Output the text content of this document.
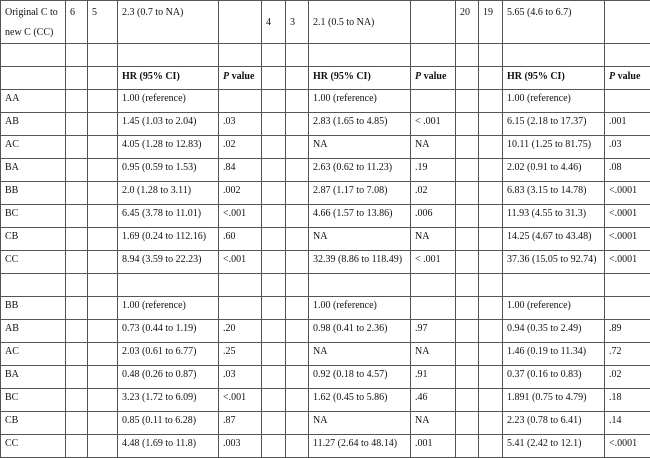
Original C to new C (CC)	6	5	2.3 (0.7 to NA)		4	3	2.1 (0.5 to NA)		20	19	5.65 (4.6 to 6.7)	

			HR (95% CI)	P value			HR (95% CI)	P value			HR (95% CI)	P value
AA			1.00 (reference)				1.00 (reference)				1.00 (reference)	
AB			1.45 (1.03 to 2.04)	.03			2.83 (1.65 to 4.85)	< .001			6.15 (2.18 to 17.37)	.001
AC			4.05 (1.28 to 12.83)	.02			NA	NA			10.11 (1.25 to 81.75)	.03
BA			0.95 (0.59 to 1.53)	.84			2.63 (0.62 to 11.23)	.19			2.02 (0.91 to 4.46)	.08
BB			2.0 (1.28 to 3.11)	.002			2.87 (1.17 to 7.08)	.02			6.83 (3.15 to 14.78)	<.0001
BC			6.45 (3.78 to 11.01)	<.001			4.66 (1.57 to 13.86)	.006			11.93 (4.55 to 31.3)	<.0001
CB			1.69 (0.24 to 112.16)	.60			NA	NA			14.25 (4.67 to 43.48)	<.0001
CC			8.94 (3.59 to 22.23)	<.001			32.39 (8.86 to 118.49)	< .001			37.36 (15.05 to 92.74)	<.0001

BB			1.00 (reference)				1.00 (reference)				1.00 (reference)	
AB			0.73 (0.44 to 1.19)	.20			0.98 (0.41 to 2.36)	.97			0.94 (0.35 to 2.49)	.89
AC			2.03 (0.61 to 6.77)	.25			NA	NA			1.46 (0.19 to 11.34)	.72
BA			0.48 (0.26 to 0.87)	.03			0.92 (0.18 to 4.57)	.91			0.37 (0.16 to 0.83)	.02
BC			3.23 (1.72 to 6.09)	<.001			1.62 (0.45 to 5.86)	.46			1.891 (0.75 to 4.79)	.18
CB			0.85 (0.11 to 6.28)	.87			NA	NA			2.23 (0.78 to 6.41)	.14
CC			4.48 (1.69 to 11.8)	.003			11.27 (2.64 to 48.14)	.001			5.41 (2.42 to 12.1)	<.0001
